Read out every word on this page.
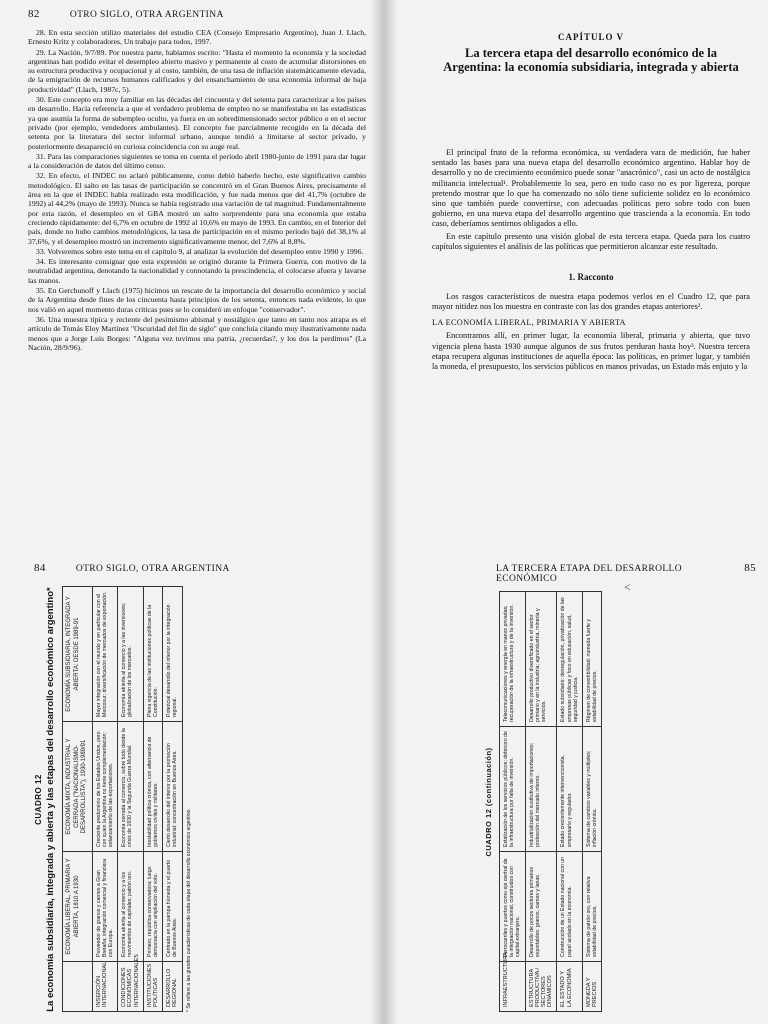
82	OTRO SIGLO, OTRA ARGENTINA

28. En esta sección utilizo materiales del estudio CEA (Consejo Empresario Argentino), Juan J. Llach, Ernesto Kritz y colaboradores, Un trabajo para todos, 1997.

29. La Nación, 9/7/89. Por nuestra parte, habíamos escrito: "Hasta el momento la economía y la sociedad argentinas han podido evitar el desempleo abierto masivo y permanente al costo de acumular distorsiones en su estructura productiva y ocupacional y al costo, también, de una tasa de inflación sistemáticamente elevada, de la emigración de recursos humanos calificados y del ensanchamiento de una economía informal de baja productividad" (Llach, 1987c, 5).

30. Este concepto era muy familiar en las décadas del cincuenta y del setenta para caracterizar a los países en desarrollo. Hacía referencia a que el verdadero problema de empleo no se manifestaba en las estadísticas ya que asumía la forma de subempleo oculto, ya fuera en un sobredimensionado sector público o en el sector privado (por ejemplo, vendedores ambulantes). El concepto fue parcialmente recogido en la década del setenta por la literatura del sector informal urbano, aunque tendió a limitarse al sector privado, y posteriormente desapareció en curiosa coincidencia con su auge real.

31. Para las comparaciones siguientes se toma en cuenta el período abril 1980-junio de 1991 para dar lugar a la consideración de datos del último censo.

32. En efecto, el INDEC no aclaró públicamente, como debió haberlo hecho, este significativo cambio metodológico. El salto en las tasas de participación se concentró en el Gran Buenos Aires, precisamente el área en la que el INDEC había realizado esta modificación, y fue nada menos que del 41,7% (octubre de 1992) al 44,2% (mayo de 1993). Nunca se había registrado una variación de tal magnitud. Fundamentalmente por esta razón, el desempleo en el GBA mostró un salto sorprendente para una economía que estaba creciendo rápidamente: del 6,7% en octubre de 1992 al 10,6% en mayo de 1993. En cambio, en el Interior del país, donde no hubo cambios metodológicos, la tasa de participación en el mismo período bajó del 38,1% al 37,6%, y el desempleo mostró un incremento significativamente menor, del 7,6% al 8,8%.

33. Volveremos sobre este tema en el capítulo 9, al analizar la evolución del desempleo entre 1990 y 1996.

34. Es interesante consignar que esta expresión se originó durante la Primera Guerra, con motivo de la neutralidad argentina, denotando la nacionalidad y connotando la prescindencia, el colocarse afuera y lavarse las manos.

35. En Gerchunoff y Llach (1975) hicimos un rescate de la importancia del desarrollo económico y social de la Argentina desde fines de los cincuenta hasta principios de los setenta, entonces nada evidente, lo que nos valió en aquel momento duras críticas pues se lo consideró un enfoque "conservador".

36. Una muestra típica y reciente del pesimismo abismal y nostálgico que tanto en tanto nos atrapa es el artículo de Tomás Eloy Martínez "Oscuridad del fin de siglo" que concluía citando muy ilustrativamente nada menos que a Jorge Luis Borges: "Alguna vez tuvimos una patria, ¿recuerdas?, y los dos la perdimos" (La Nación, 28/9/96).

CAPÍTULO V
La tercera etapa del desarrollo económico de la Argentina: la economía subsidiaria, integrada y abierta

El principal fruto de la reforma económica, su verdadera vara de medición, fue haber sentado las bases para una nueva etapa del desarrollo económico argentino. Hablar hoy de desarrollo y no de crecimiento económico puede sonar "anacrónico", casi un acto de nostálgica militancia intelectual¹. Probablemente lo sea, pero en todo caso no es por ligereza, porque pretendo mostrar que lo que ha comenzado no sólo tiene suficiente solidez en lo económico sino que también puede convertirse, con adecuadas políticas pero sobre todo con buen gobierno, en una nueva etapa del desarrollo argentino que trascienda a la economía. En todo caso, deberíamos sentirnos obligados a ello.

En este capítulo presento una visión global de esta tercera etapa. Queda para los cuatro capítulos siguientes el análisis de las políticas que permitieron alcanzar este resultado.

1. Racconto

Los rasgos característicos de nuestra etapa podemos verlos en el Cuadro 12, que para mayor nitidez nos los muestra en contraste con las dos grandes etapas anteriores².

LA ECONOMÍA LIBERAL, PRIMARIA Y ABIERTA

Encontramos allí, en primer lugar, la economía liberal, primaria y abierta, que tuvo vigencia plena hasta 1930 aunque algunos de sus frutos perduran hasta hoy³. Nuestra tercera etapa recupera algunas instituciones de aquella época: las políticas, en primer lugar, y también la moneda, el presupuesto, los servicios públicos en manos privadas, un Estado más enjuto y la

84	OTRO SIGLO, OTRA ARGENTINA
CUADRO 12 La economía subsidiaria, integrada y abierta y las etapas del desarrollo económico argentino*
	ECONOMÍA LIBERAL, PRIMARIA Y ABIERTA, 1810 A 1930	ECONOMÍA MIXTA, INDUSTRIAL Y CERRADA ("NACIONALISMO-DESARROLLISTA"), 1930-1989/91	ECONOMÍA SUBSIDIARIA, INTEGRADA Y ABIERTA: DESDE 1989-91
INSERCIÓN INTERNACIONAL	Proveedor de granos y carnes a Gran Bretaña; integración comercial y financiera con Europa.	Creciente predominio de los Estados Unidos, pero con quien la Argentina no tiene complementación; estancamiento de las exportaciones.	Mayor integración con el mundo y en particular con el Mercosur; diversificación de mercados de exportación.
CONDICIONES ECONÓMICAS INTERNACIONALES	Economía abierta al comercio y a los movimientos de capitales; patrón oro.	Economía cerrada al comercio, sobre todo desde la crisis de 1930 y la Segunda Guerra Mundial.	Economía abierta al comercio y a las inversiones; globalización de los mercados.
INSTITUCIONES POLÍTICAS	Primero, república conservadora; luego democracia con ampliación del voto.	Inestabilidad política crónica, con alternancia de gobiernos civiles y militares.	Plena vigencia de las instituciones políticas de la Constitución.
DESARROLLO REGIONAL	Centrado en la pampa húmeda y el puerto de Buenos Aires.	Cierto desarrollo del interior por la promoción industrial; concentración en Buenos Aires.	Potencial desarrollo del interior por la integración regional.
* Se refiere a las grandes características de cada etapa del desarrollo económico argentino.
LA TERCERA ETAPA DEL DESARROLLO ECONÓMICO
85
<
CUADRO 12 (continuación)
INFRAESTRUCTURA	Ferrocarriles y puertos como eje central de la integración nacional, construidos con capital extranjero.	Estatización de los servicios públicos; deterioro de la infraestructura por falta de inversión.	Telecomunicaciones y energía en manos privadas; recuperación de la infraestructura y de la inversión.
ESTRUCTURA PRODUCTIVA / SECTORES DINÁMICOS	Desarrollo de pocos sectores primarios exportables: granos, carnes y lanas.	Industrialización sustitutiva de importaciones; protección del mercado interno.	Desarrollo productivo diversificado en el sector primario y en la industria; agroindustria, minería y servicios.
EL ESTADO Y LA ECONOMÍA	Construcción de un Estado nacional con un papel acotado en la economía.	Estado crecientemente intervencionista, empresario y regulador.	Estado subsidiario: desregulación, privatización de las empresas públicas y foco en educación, salud, seguridad y justicia.
MONEDA Y PRECIOS	Sistema de patrón oro, con relativa estabilidad de precios.	Sistema de cambios variables y múltiples; inflación crónica.	Régimen de convertibilidad; moneda fuerte y estabilidad de precios.
